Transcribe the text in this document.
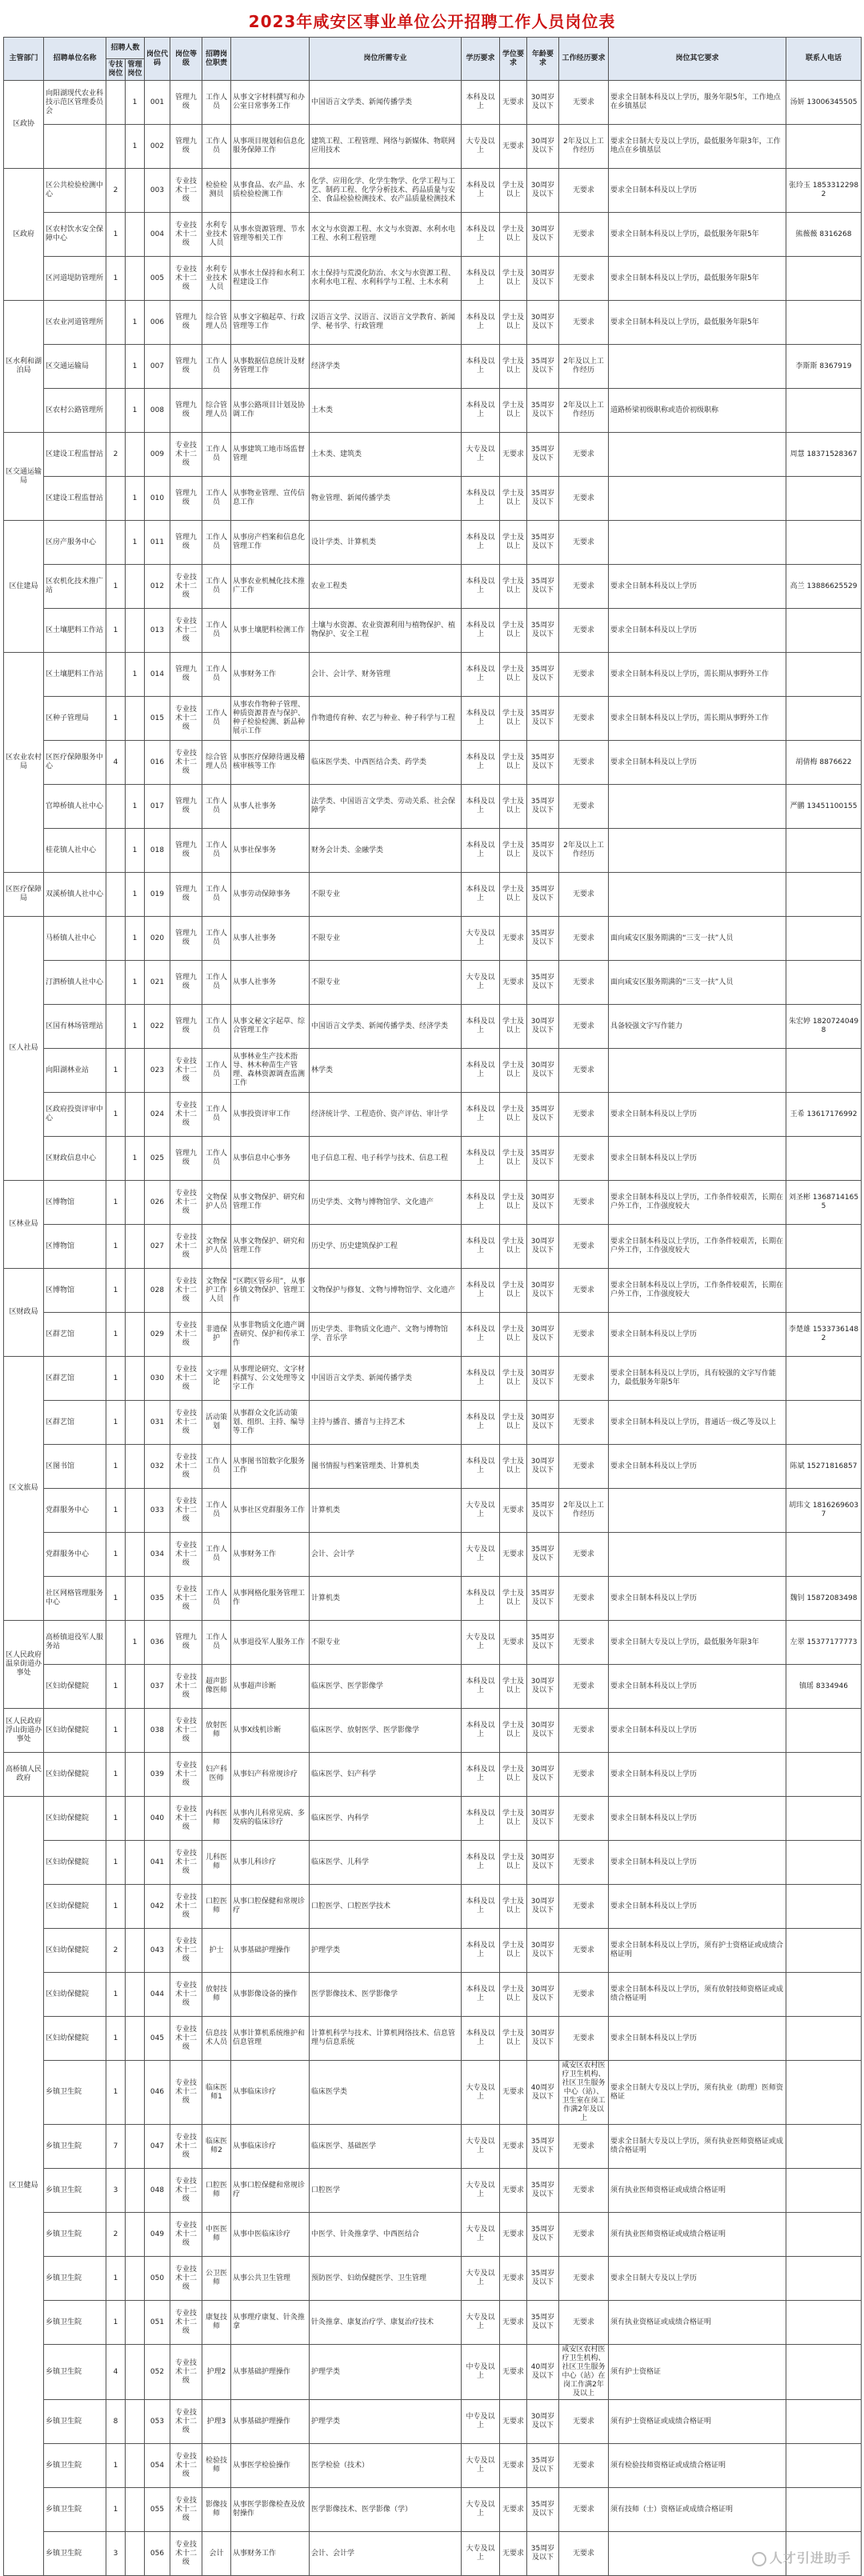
2023年咸安区事业单位公开招聘工作人员岗位表
主管部门	招聘单位名称	招聘人数		岗位代码	岗位等级	招聘岗位职责		岗位所需专业	学历要求	学位要求	年龄要求	工作经历要求	岗位其它要求	联系人电话
		专技岗位	管理岗位											
区政协	向阳湖现代农业科技示范区管理委员会		1	001	管理九级	工作人员	从事文字材料撰写和办公室日常事务工作	中国语言文学类、新闻传播学类	本科及以上	无要求	30周岁及以下	无要求	要求全日制本科及以上学历，服务年限5年，工作地点在乡镇基层	汤妍 13006345505
			1	002	管理九级	工作人员	从事项目规划和信息化服务保障工作	建筑工程、工程管理、网络与新媒体、物联网应用技术	大专及以上	无要求	30周岁及以下	2年及以上工作经历	要求全日制大专及以上学历，最低服务年限3年，工作地点在乡镇基层	
区政府	区公共检验检测中心	2		003	专业技术十二级	检验检测员	从事食品、农产品、水质检验检测工作	化学、应用化学、化学生物学、化学工程与工艺、制药工程、化学分析技术、药品质量与安全、食品检验检测技术、农产品质量检测技术	本科及以上	学士及以上	30周岁及以下	无要求	要求全日制本科及以上学历	张玲玉 18533122982
	区农村饮水安全保障中心	1		004	专业技术十二级	水利专业技术人员	从事水资源管理、节水管理等相关工作	水文与水资源工程、水文与水资源、水利水电工程、水利工程管理	本科及以上	学士及以上	30周岁及以下	无要求	要求全日制本科及以上学历，最低服务年限5年	熊薇薇 8316268
	区河道堤防管理所	1		005	专业技术十二级	水利专业技术人员	从事水土保持和水利工程建设工作	水土保持与荒漠化防治、水文与水资源工程、水利水电工程、水利科学与工程、土木水利	本科及以上	学士及以上	30周岁及以下	无要求	要求全日制本科及以上学历，最低服务年限5年	
区水利和湖泊局	区农业河道管理所		1	006	管理九级	综合管理人员	从事文字稿起草、行政管理等工作	汉语言文学、汉语言、汉语言文学教育、新闻学、秘书学、行政管理	本科及以上	学士及以上	30周岁及以下	无要求	要求全日制本科及以上学历，最低服务年限5年	
	区交通运输局		1	007	管理九级	工作人员	从事数据信息统计及财务管理工作	经济学类	本科及以上	学士及以上	35周岁及以下	2年及以上工作经历		李斯斯 8367919
	区农村公路管理所		1	008	管理九级	综合管理人员	从事公路项目计划及协调工作	土木类	本科及以上	学士及以上	35周岁及以下	2年及以上工作经历	道路桥梁初级职称或造价初级职称	
区交通运输局	区建设工程监督站	2		009	专业技术十二级	工作人员	从事建筑工地市场监督管理	土木类、建筑类	大专及以上	无要求	35周岁及以下	无要求		周慧 18371528367
	区建设工程监督站		1	010	管理九级	工作人员	从事物业管理、宣传信息工作	物业管理、新闻传播学类	本科及以上	学士及以上	35周岁及以下	无要求		
区住建局	区房产服务中心		1	011	管理九级	工作人员	从事房产档案和信息化管理工作	设计学类、计算机类	本科及以上	学士及以上	35周岁及以下	无要求		
	区农机化技术推广站	1		012	专业技术十二级	工作人员	从事农业机械化技术推广工作	农业工程类	本科及以上	学士及以上	35周岁及以下	无要求	要求全日制本科及以上学历	高兰 13886625529
	区土壤肥料工作站	1		013	专业技术十二级	工作人员	从事土壤肥料检测工作	土壤与水资源、农业资源利用与植物保护、植物保护、安全工程	本科及以上	学士及以上	35周岁及以下	无要求	要求全日制本科及以上学历	
区农业农村局	区土壤肥料工作站		1	014	管理九级	工作人员	从事财务工作	会计、会计学、财务管理	本科及以上	学士及以上	35周岁及以下	无要求	要求全日制本科及以上学历，需长期从事野外工作	
	区种子管理局	1		015	专业技术十二级	工作人员	从事农作物种子管理、种质资源普查与保护、种子检验检测、新品种展示工作	作物遗传育种、农艺与种业、种子科学与工程	本科及以上	学士及以上	35周岁及以下	无要求	要求全日制本科及以上学历，需长期从事野外工作	
	区医疗保障服务中心	4		016	专业技术十二级	综合管理人员	从事医疗保障待遇及稽核审核等工作	临床医学类、中西医结合类、药学类	本科及以上	学士及以上	35周岁及以下	无要求	要求全日制本科及以上学历	胡倩梅 8876622
	官埠桥镇人社中心		1	017	管理九级	工作人员	从事人社事务	法学类、中国语言文学类、劳动关系、社会保障学	本科及以上	学士及以上	35周岁及以下	无要求		严鹏 13451100155
	桂花镇人社中心		1	018	管理九级	工作人员	从事社保事务	财务会计类、金融学类	本科及以上	学士及以上	35周岁及以下	2年及以上工作经历		
区医疗保障局	双溪桥镇人社中心		1	019	管理九级	工作人员	从事劳动保障事务	不限专业	本科及以上	学士及以上	35周岁及以下	无要求		
区人社局	马桥镇人社中心		1	020	管理九级	工作人员	从事人社事务	不限专业	大专及以上	无要求	35周岁及以下	无要求	面向咸安区服务期满的“三支一扶”人员	
	汀泗桥镇人社中心		1	021	管理九级	工作人员	从事人社事务	不限专业	大专及以上	无要求	35周岁及以下	无要求	面向咸安区服务期满的“三支一扶”人员	
	区国有林场管理站		1	022	管理九级	工作人员	从事文秘文字起草、综合管理工作	中国语言文学类、新闻传播学类、经济学类	本科及以上	学士及以上	30周岁及以下	无要求	具备较强文字写作能力	朱宏婷 18207240498
	向阳湖林业站	1		023	专业技术十二级	工作人员	从事林业生产技术指导、林木种苗生产管理、森林资源调查监测工作	林学类	本科及以上	学士及以上	30周岁及以下	无要求		
	区政府投资评审中心	1		024	专业技术十二级	工作人员	从事投资评审工作	经济统计学、工程造价、资产评估、审计学	本科及以上	学士及以上	35周岁及以下	无要求	要求全日制本科及以上学历	王希 13617176992
	区财政信息中心		1	025	管理九级	工作人员	从事信息中心事务	电子信息工程、电子科学与技术、信息工程	本科及以上	学士及以上	35周岁及以下	无要求	要求全日制本科及以上学历	
区林业局	区博物馆	1		026	专业技术十二级	文物保护人员	从事文物保护、研究和管理工作	历史学类、文物与博物馆学、文化遗产	本科及以上	学士及以上	30周岁及以下	无要求	要求全日制本科及以上学历，工作条件较艰苦，长期在户外工作，工作强度较大	刘圣彬 13687141655
	区博物馆	1		027	专业技术十二级	文物保护人员	从事文物保护、研究和管理工作	历史学、历史建筑保护工程	本科及以上	学士及以上	30周岁及以下	无要求	要求全日制本科及以上学历，工作条件较艰苦，长期在户外工作，工作强度较大	
区财政局	区博物馆	1		028	专业技术十二级	文物保护工作人员	“区聘区管乡用”，从事乡镇文物保护、管理工作	文物保护与修复、文物与博物馆学、文化遗产	本科及以上	学士及以上	30周岁及以下	无要求	要求全日制本科及以上学历，工作条件较艰苦，长期在户外工作，工作强度较大	
	区群艺馆	1		029	专业技术十二级	非遗保护	从事非物质文化遗产调查研究、保护和传承工作	历史学类、非物质文化遗产、文物与博物馆学、音乐学	本科及以上	学士及以上	30周岁及以下	无要求	要求全日制本科及以上学历	李楚雄 15337361482
区文旅局	区群艺馆	1		030	专业技术十二级	文字理论	从事理论研究、文字材料撰写、公文处理等文字工作	中国语言文学类、新闻传播学类	本科及以上	学士及以上	30周岁及以下	无要求	要求全日制本科及以上学历，具有较强的文字写作能力，最低服务年限5年	
	区群艺馆	1		031	专业技术十二级	活动策划	从事群众文化活动策划、组织、主持、编导等工作	主持与播音、播音与主持艺术	本科及以上	学士及以上	30周岁及以下	无要求	要求全日制本科及以上学历，普通话一级乙等及以上	
	区图书馆	1		032	专业技术十二级	工作人员	从事图书馆数字化服务工作	图书情报与档案管理类、计算机类	本科及以上	学士及以上	30周岁及以下	无要求	要求全日制本科及以上学历	陈斌 15271816857
	党群服务中心	1		033	专业技术十二级	工作人员	从事社区党群服务工作	计算机类	大专及以上	无要求	35周岁及以下	2年及以上工作经历		胡玮文 18162696037
	党群服务中心	1		034	专业技术十二级	工作人员	从事财务工作	会计、会计学	大专及以上	无要求	35周岁及以下	无要求		
	社区网格管理服务中心	1		035	专业技术十二级	工作人员	从事网格化服务管理工作	计算机类	本科及以上	学士及以上	35周岁及以下	无要求	要求全日制本科及以上学历	魏钊 15872083498
区人民政府温泉街道办事处	高桥镇退役军人服务站		1	036	管理九级	工作人员	从事退役军人服务工作	不限专业	大专及以上	无要求	35周岁及以下	无要求	要求全日制大专及以上学历，最低服务年限3年	左翠 15377177773
	区妇幼保健院	1		037	专业技术十二级	超声影像医师	从事超声诊断	临床医学、医学影像学	本科及以上	学士及以上	30周岁及以下	无要求	要求全日制本科及以上学历	镇瑶 8334946
区人民政府浮山街道办事处	区妇幼保健院	1		038	专业技术十二级	放射医师	从事X线机诊断	临床医学、放射医学、医学影像学	本科及以上	学士及以上	30周岁及以下	无要求	要求全日制本科及以上学历	
高桥镇人民政府	区妇幼保健院	1		039	专业技术十二级	妇产科医师	从事妇产科常规诊疗	临床医学、妇产科学	本科及以上	学士及以上	30周岁及以下	无要求	要求全日制本科及以上学历	
区卫健局	区妇幼保健院	1		040	专业技术十二级	内科医师	从事内儿科常见病、多发病的临床诊疗	临床医学、内科学	本科及以上	学士及以上	30周岁及以下	无要求	要求全日制本科及以上学历	
	区妇幼保健院	1		041	专业技术十二级	儿科医师	从事儿科诊疗	临床医学、儿科学	本科及以上	学士及以上	30周岁及以下	无要求	要求全日制本科及以上学历	
	区妇幼保健院	1		042	专业技术十二级	口腔医师	从事口腔保健和常规诊疗	口腔医学、口腔医学技术	本科及以上	学士及以上	30周岁及以下	无要求	要求全日制本科及以上学历	
	区妇幼保健院	2		043	专业技术十二级	护士	从事基础护理操作	护理学类	本科及以上	学士及以上	30周岁及以下	无要求	要求全日制本科及以上学历，须有护士资格证或成绩合格证明	
	区妇幼保健院	1		044	专业技术十二级	放射技师	从事影像设备的操作	医学影像技术、医学影像学	本科及以上	学士及以上	30周岁及以下	无要求	要求全日制本科及以上学历，须有放射技师资格证或成绩合格证明	
	区妇幼保健院	1		045	专业技术十二级	信息技术人员	从事计算机系统维护和信息管理	计算机科学与技术、计算机网络技术、信息管理与信息系统	本科及以上	学士及以上	30周岁及以下	无要求	要求全日制本科及以上学历	
	乡镇卫生院	1		046	专业技术十二级	临床医师1	从事临床诊疗	临床医学类	大专及以上	无要求	40周岁及以下	咸安区农村医疗卫生机构、社区卫生服务中心（站）、卫生室在岗工作满2年及以上	要求全日制大专及以上学历，须有执业（助理）医师资格证	
	乡镇卫生院	7		047	专业技术十二级	临床医师2	从事临床诊疗	临床医学、基础医学	大专及以上	无要求	35周岁及以下	无要求	要求全日制大专及以上学历，须有执业医师资格证或成绩合格证明	
	乡镇卫生院	3		048	专业技术十二级	口腔医师	从事口腔保健和常规诊疗	口腔医学	大专及以上	无要求	35周岁及以下	无要求	须有执业医师资格证或成绩合格证明	
	乡镇卫生院	2		049	专业技术十二级	中医医师	从事中医临床诊疗	中医学、针灸推拿学、中西医结合	大专及以上	无要求	35周岁及以下	无要求	须有执业医师资格证或成绩合格证明	
	乡镇卫生院	1		050	专业技术十二级	公卫医师	从事公共卫生管理	预防医学、妇幼保健医学、卫生管理	大专及以上	无要求	35周岁及以下	无要求	要求全日制大专及以上学历	
	乡镇卫生院	1		051	专业技术十二级	康复技师	从事理疗康复、针灸推拿	针灸推拿、康复治疗学、康复治疗技术	大专及以上	无要求	35周岁及以下	无要求	须有执业资格证或成绩合格证明	
	乡镇卫生院	4		052	专业技术十二级	护理2	从事基础护理操作	护理学类	中专及以上	无要求	40周岁及以下	咸安区农村医疗卫生机构、社区卫生服务中心（站）在岗工作满2年及以上	须有护士资格证	
	乡镇卫生院	8		053	专业技术十二级	护理3	从事基础护理操作	护理学类	中专及以上	无要求	30周岁及以下	无要求	须有护士资格证或成绩合格证明	
	乡镇卫生院	1		054	专业技术十二级	检验技师	从事医学检验操作	医学检验（技术）	大专及以上	无要求	35周岁及以下	无要求	须有检验技师资格证或成绩合格证明	
	乡镇卫生院	1		055	专业技术十二级	影像技师	从事医学影像检查及放射操作	医学影像技术、医学影像（学）	大专及以上	无要求	35周岁及以下	无要求	须有技师（士）资格证或成绩合格证明	
	乡镇卫生院	3		056	专业技术十二级	会计	从事财务工作	会计、会计学	大专及以上	无要求	35周岁及以下	无要求			人才引进助手
